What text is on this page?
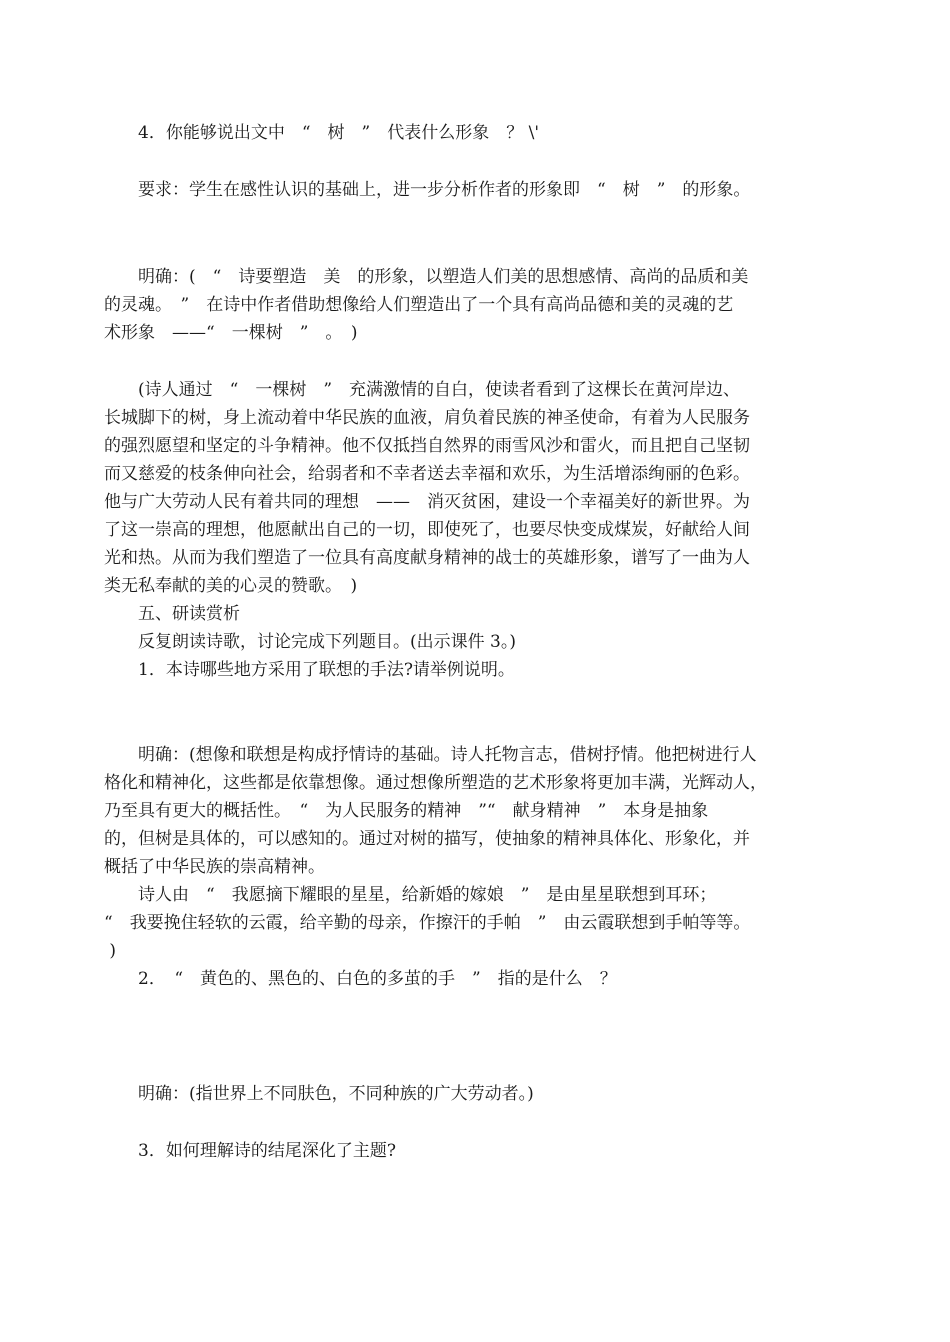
　　4．你能够说出文中　“　树　”　代表什么形象　？ \'
　　要求：学生在感性认识的基础上，进一步分析作者的形象即　“　树　”　的形象。
　　明确：(　“　诗要塑造　美　的形象，以塑造人们美的思想感情、高尚的品质和美
的灵魂。　”　在诗中作者借助想像给人们塑造出了一个具有高尚品德和美的灵魂的艺
术形象　——“　一棵树　”　。　)
　　(诗人通过　“　一棵树　”　充满激情的自白，使读者看到了这棵长在黄河岸边、
长城脚下的树，身上流动着中华民族的血液，肩负着民族的神圣使命，有着为人民服务
的强烈愿望和坚定的斗争精神。他不仅抵挡自然界的雨雪风沙和雷火，而且把自己坚韧
而又慈爱的枝条伸向社会，给弱者和不幸者送去幸福和欢乐，为生活增添绚丽的色彩。
他与广大劳动人民有着共同的理想　——　消灭贫困，建设一个幸福美好的新世界。为
了这一崇高的理想，他愿献出自己的一切，即使死了，也要尽快变成煤炭，好献给人间
光和热。从而为我们塑造了一位具有高度献身精神的战士的英雄形象，谱写了一曲为人
类无私奉献的美的心灵的赞歌。　)
　　五、研读赏析
　　反复朗读诗歌，讨论完成下列题目。(出示课件 3。)
　　1．本诗哪些地方采用了联想的手法?请举例说明。
　　明确：(想像和联想是构成抒情诗的基础。诗人托物言志，借树抒情。他把树进行人
格化和精神化，这些都是依靠想像。通过想像所塑造的艺术形象将更加丰满，光辉动人，
乃至具有更大的概括性。　“　为人民服务的精神　”“　献身精神　”　本身是抽象
的，但树是具体的，可以感知的。通过对树的描写，使抽象的精神具体化、形象化，并
概括了中华民族的崇高精神。
　　诗人由　“　我愿摘下耀眼的星星，给新婚的嫁娘　”　是由星星联想到耳环；
“　我要挽住轻软的云霞，给辛勤的母亲，作擦汗的手帕　”　由云霞联想到手帕等等。
)
　　2．　“　黄色的、黑色的、白色的多茧的手　”　指的是什么　？
　　明确：(指世界上不同肤色，不同种族的广大劳动者。)
　　3．如何理解诗的结尾深化了主题?
